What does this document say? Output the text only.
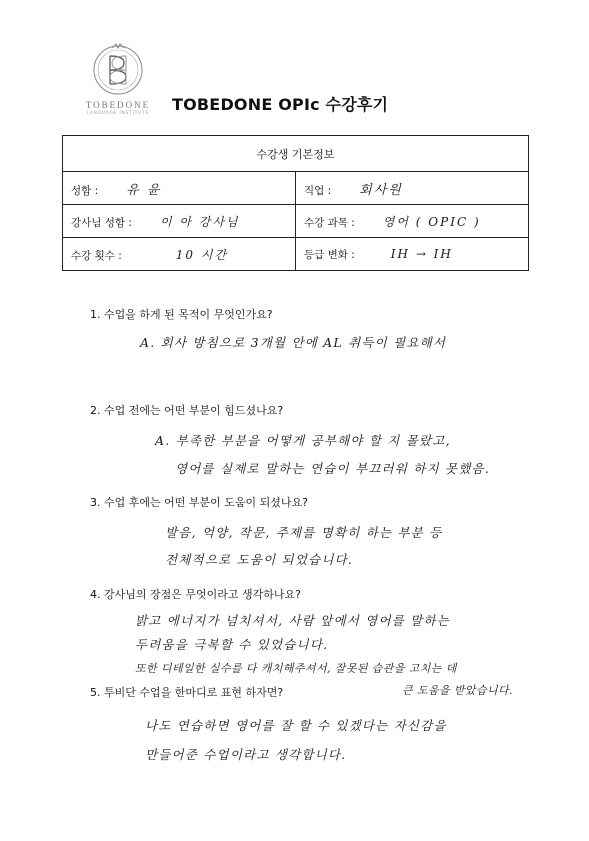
TOBEDONE
LANGUAGE INSTITUTE	TOBEDONE OPIc 수강후기
수강생 기본정보	
성함 : 유 윤	직업 : 회사원
강사님 성함 : 이 아 강사님	수강 과목 : 영어 ( OPIC )
수강 횟수 : 10 시간	등급 변화 : IH → IH
1. 수업을 하게 된 목적이 무엇인가요?
A. 회사 방침으로 3개월 안에 AL 취득이 필요해서
2. 수업 전에는 어떤 부분이 힘드셨나요?
A. 부족한 부분을 어떻게 공부해야 할 지 몰랐고,
영어를 실제로 말하는 연습이 부끄러워 하지 못했음.
3. 수업 후에는 어떤 부분이 도움이 되셨나요?
발음, 억양, 작문, 주제를 명확히 하는 부분 등
전체적으로 도움이 되었습니다.
4. 강사님의 장점은 무엇이라고 생각하나요?
밝고 에너지가 넘치셔서, 사람 앞에서 영어를 말하는
두려움을 극복할 수 있었습니다.
또한 디테일한 실수를 다 캐치해주셔서, 잘못된 습관을 고치는 데
큰 도움을 받았습니다.
5. 투비단 수업을 한마디로 표현 하자면?
나도 연습하면 영어를 잘 할 수 있겠다는 자신감을
만들어준 수업이라고 생각합니다.
